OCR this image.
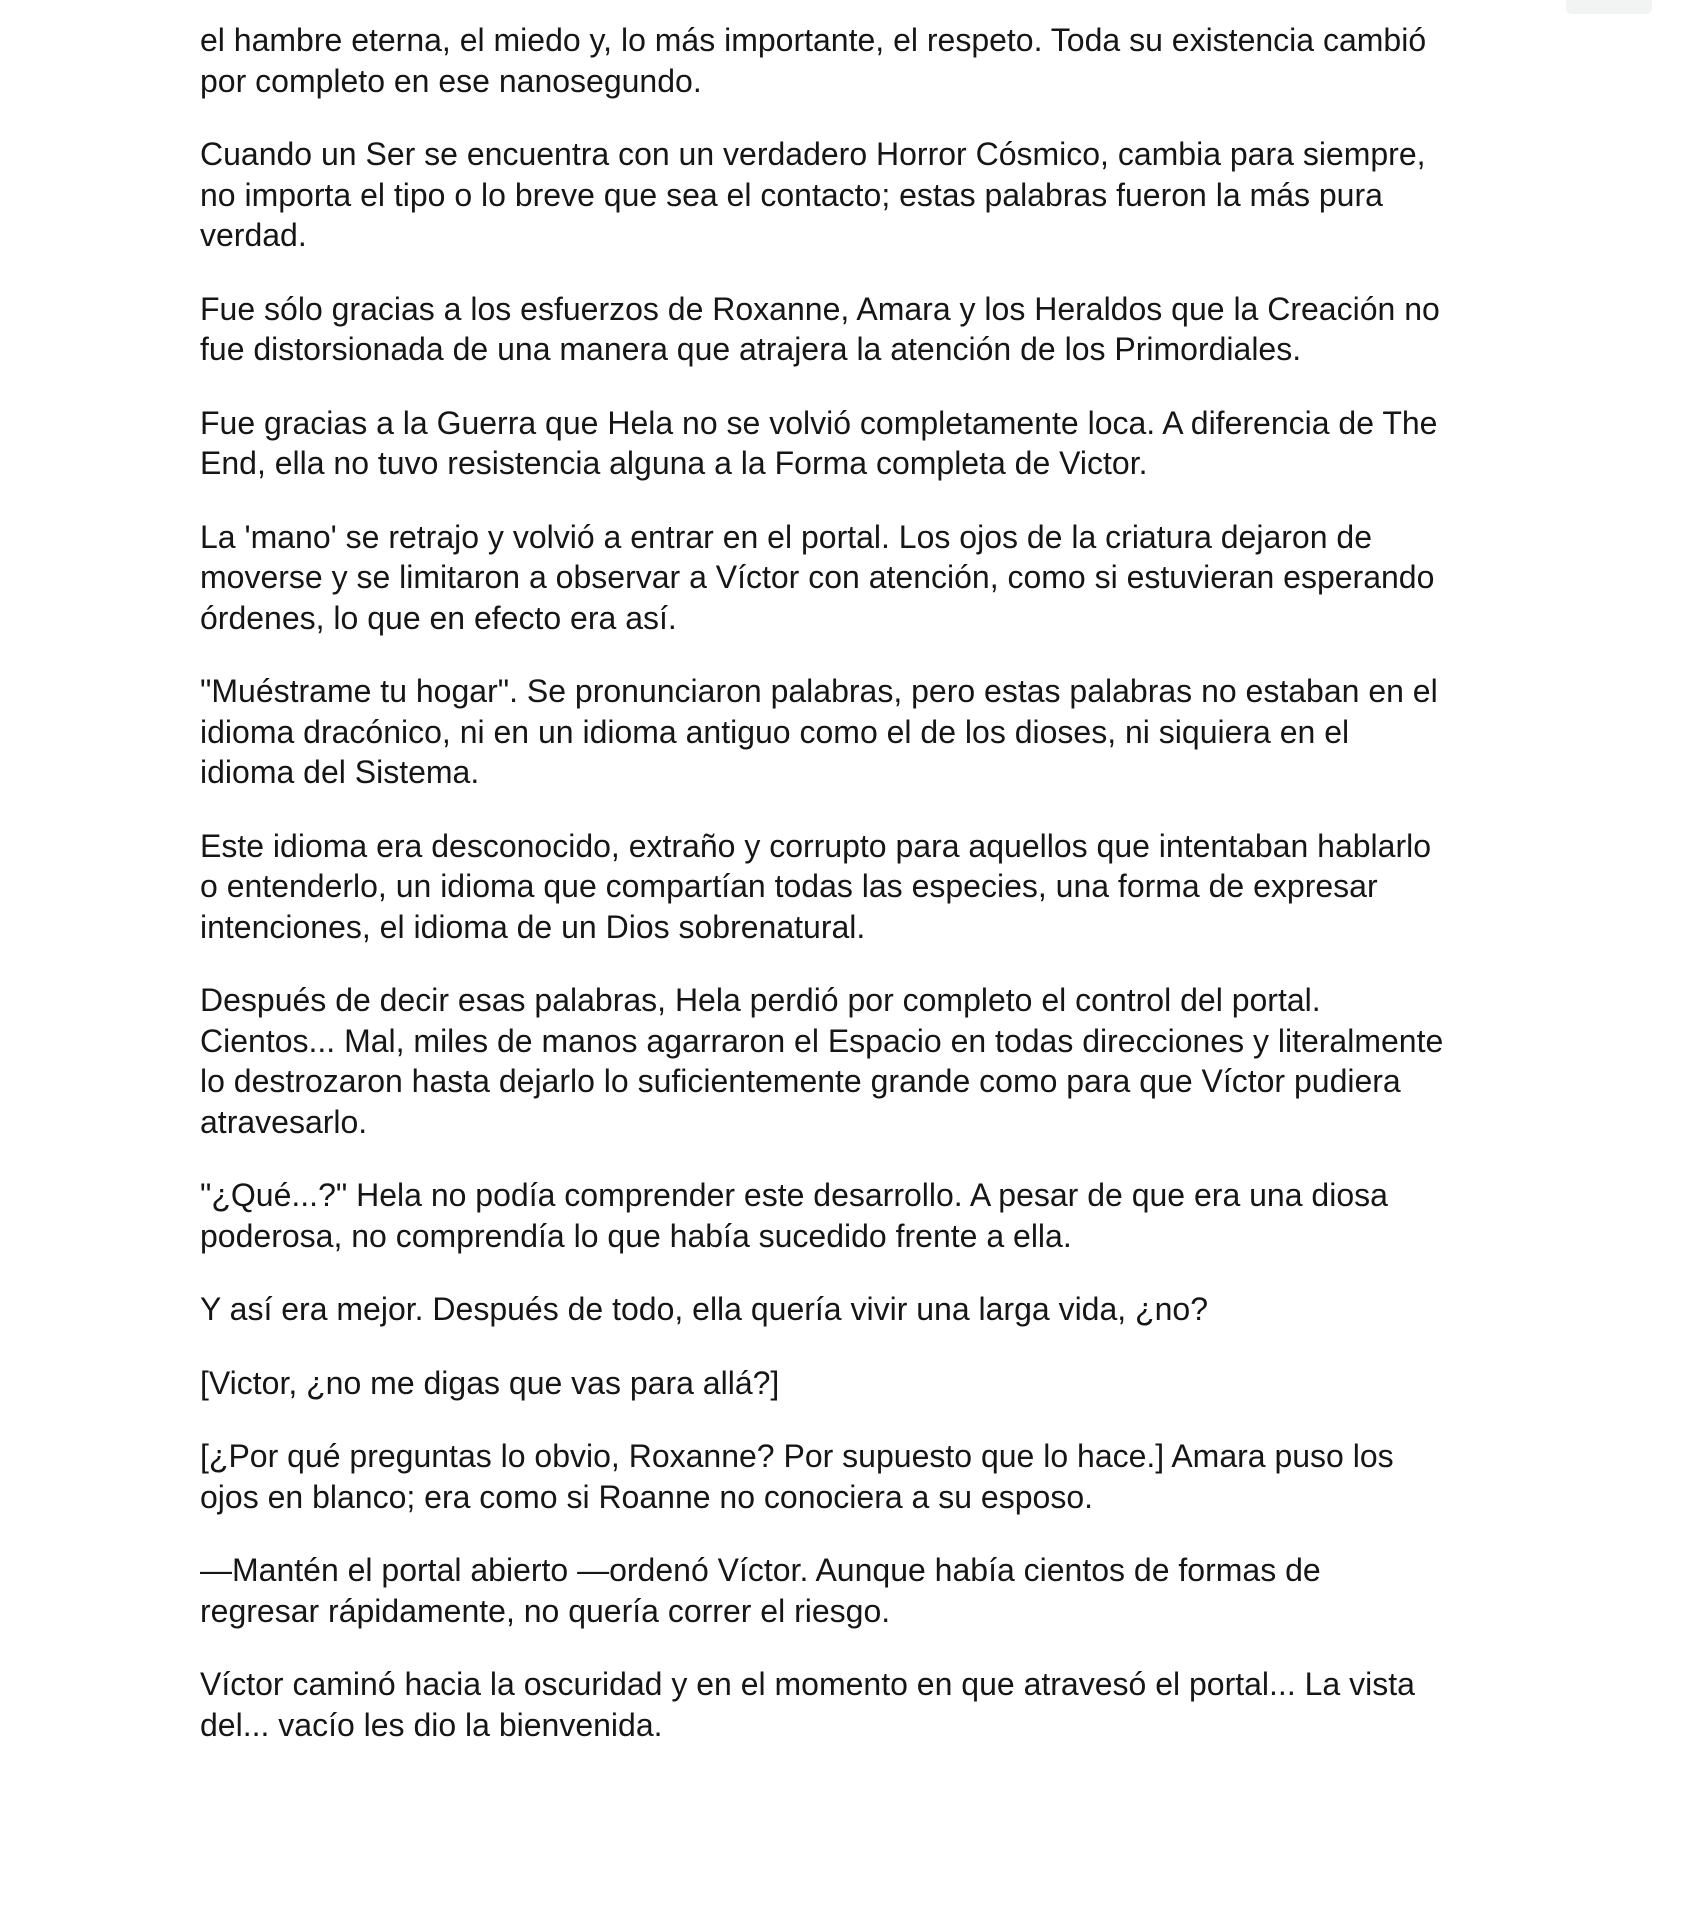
el hambre eterna, el miedo y, lo más importante, el respeto. Toda su existencia cambió
por completo en ese nanosegundo.

Cuando un Ser se encuentra con un verdadero Horror Cósmico, cambia para siempre,
no importa el tipo o lo breve que sea el contacto; estas palabras fueron la más pura
verdad.

Fue sólo gracias a los esfuerzos de Roxanne, Amara y los Heraldos que la Creación no
fue distorsionada de una manera que atrajera la atención de los Primordiales.

Fue gracias a la Guerra que Hela no se volvió completamente loca. A diferencia de The
End, ella no tuvo resistencia alguna a la Forma completa de Victor.

La 'mano' se retrajo y volvió a entrar en el portal. Los ojos de la criatura dejaron de
moverse y se limitaron a observar a Víctor con atención, como si estuvieran esperando
órdenes, lo que en efecto era así.

"Muéstrame tu hogar". Se pronunciaron palabras, pero estas palabras no estaban en el
idioma dracónico, ni en un idioma antiguo como el de los dioses, ni siquiera en el
idioma del Sistema.

Este idioma era desconocido, extraño y corrupto para aquellos que intentaban hablarlo
o entenderlo, un idioma que compartían todas las especies, una forma de expresar
intenciones, el idioma de un Dios sobrenatural.

Después de decir esas palabras, Hela perdió por completo el control del portal.
Cientos... Mal, miles de manos agarraron el Espacio en todas direcciones y literalmente
lo destrozaron hasta dejarlo lo suficientemente grande como para que Víctor pudiera
atravesarlo.

"¿Qué...?" Hela no podía comprender este desarrollo. A pesar de que era una diosa
poderosa, no comprendía lo que había sucedido frente a ella.

Y así era mejor. Después de todo, ella quería vivir una larga vida, ¿no?

[Victor, ¿no me digas que vas para allá?]

[¿Por qué preguntas lo obvio, Roxanne? Por supuesto que lo hace.] Amara puso los
ojos en blanco; era como si Roanne no conociera a su esposo.

—Mantén el portal abierto —ordenó Víctor. Aunque había cientos de formas de
regresar rápidamente, no quería correr el riesgo.

Víctor caminó hacia la oscuridad y en el momento en que atravesó el portal... La vista
del... vacío les dio la bienvenida.
